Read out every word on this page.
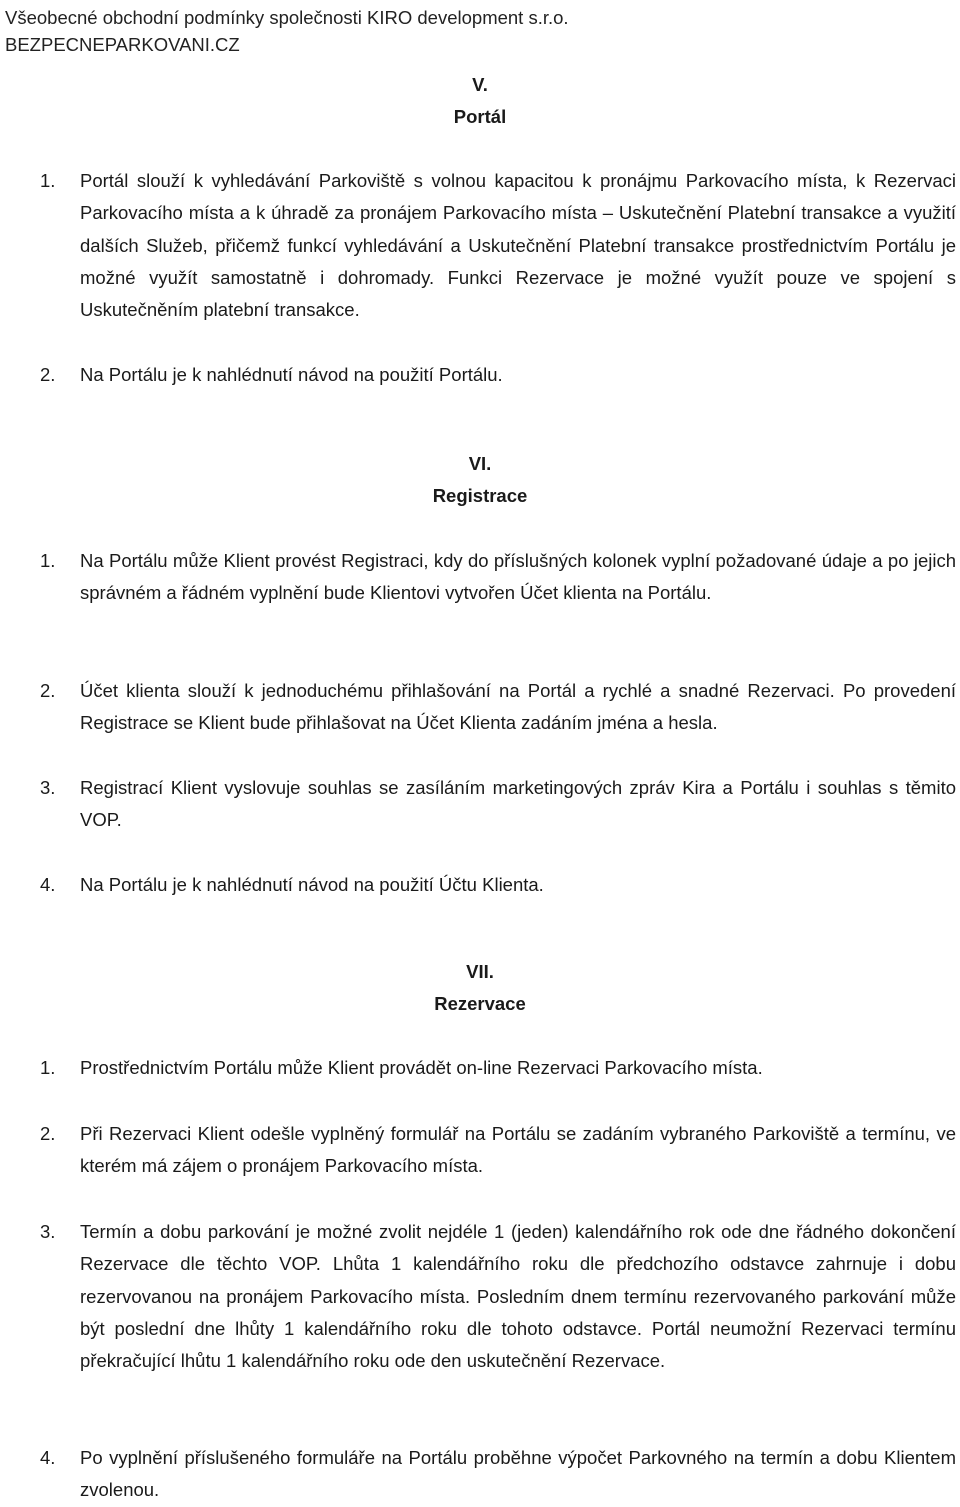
Všeobecné obchodní podmínky společnosti KIRO development s.r.o.
BEZPECNEPARKOVANI.CZ
V.
Portál
1.	Portál slouží k vyhledávání Parkoviště s volnou kapacitou k pronájmu Parkovacího místa, k Rezervaci Parkovacího místa a k úhradě za pronájem Parkovacího místa – Uskutečnění Platební transakce a využití dalších Služeb, přičemž funkcí vyhledávání a Uskutečnění Platební transakce prostřednictvím Portálu je možné využít samostatně i dohromady. Funkci Rezervace je možné využít pouze ve spojení s Uskutečněním platební transakce.
2.	Na Portálu je k nahlédnutí návod na použití Portálu.
VI.
Registrace
1.	Na Portálu může Klient provést Registraci, kdy do příslušných kolonek vyplní požadované údaje a po jejich správném a řádném vyplnění bude Klientovi vytvořen Účet klienta na Portálu.
2.	Účet klienta slouží k jednoduchému přihlašování na Portál a rychlé a snadné Rezervaci. Po provedení Registrace se Klient bude přihlašovat na Účet Klienta zadáním jména a hesla.
3.	Registrací Klient vyslovuje souhlas se zasíláním marketingových zpráv Kira a Portálu i souhlas s těmito VOP.
4.	Na Portálu je k nahlédnutí návod na použití Účtu Klienta.
VII.
Rezervace
1.	Prostřednictvím Portálu může Klient provádět on-line Rezervaci Parkovacího místa.
2.	Při Rezervaci Klient odešle vyplněný formulář na Portálu se zadáním vybraného Parkoviště a termínu, ve kterém má zájem o pronájem Parkovacího místa.
3.	Termín a dobu parkování je možné zvolit nejdéle 1 (jeden) kalendářního rok ode dne řádného dokončení Rezervace dle těchto VOP. Lhůta 1 kalendářního roku dle předchozího odstavce zahrnuje i dobu rezervovanou na pronájem Parkovacího místa. Posledním dnem termínu rezervovaného parkování může být poslední dne lhůty 1 kalendářního roku dle tohoto odstavce. Portál neumožní Rezervaci termínu překračující lhůtu 1 kalendářního roku ode den uskutečnění Rezervace.
4.	Po vyplnění příslušeného formuláře na Portálu proběhne výpočet Parkovného na termín a dobu Klientem zvolenou.
